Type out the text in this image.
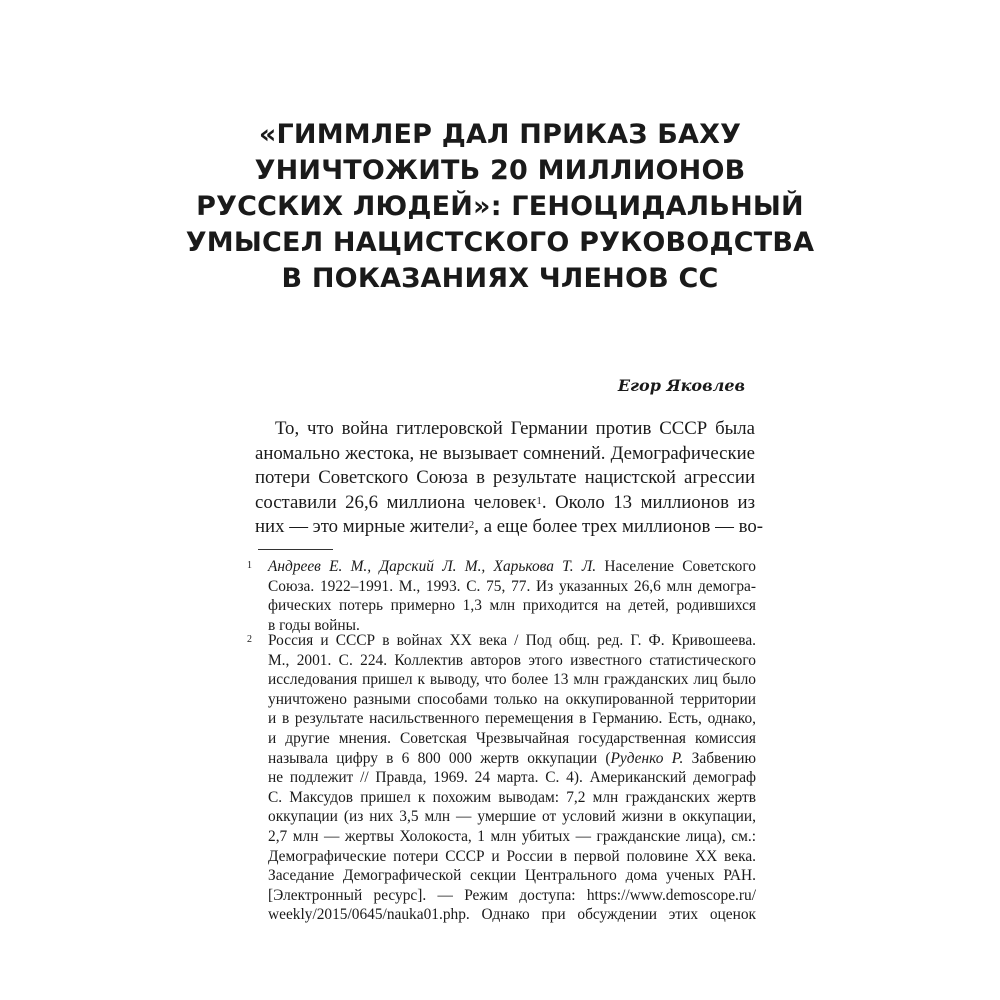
«ГИММЛЕР ДАЛ ПРИКАЗ БАХУ
УНИЧТОЖИТЬ 20 МИЛЛИОНОВ
РУССКИХ ЛЮДЕЙ»: ГЕНОЦИДАЛЬНЫЙ
УМЫСЕЛ НАЦИСТСКОГО РУКОВОДСТВА
В ПОКАЗАНИЯХ ЧЛЕНОВ СС

Егор Яковлев

То, что война гитлеровской Германии против СССР была
аномально жестока, не вызывает сомнений. Демографические
потери Советского Союза в результате нацистской агрессии
составили 26,6 миллиона человек$^1$. Около 13 миллионов из
них — это мирные жители$^2$, а еще более трех миллионов — во-
1 Андреев Е. М., Дарский Л. М., Харькова Т. Л. Население Советского
Союза. 1922–1991. М., 1993. С. 75, 77. Из указанных 26,6 млн демогра-
фических потерь примерно 1,3 млн приходится на детей, родившихся
в годы войны.
2 Россия и СССР в войнах XX века / Под общ. ред. Г. Ф. Кривошеева.
М., 2001. С. 224. Коллектив авторов этого известного статистического
исследования пришел к выводу, что более 13 млн гражданских лиц было
уничтожено разными способами только на оккупированной территории
и в результате насильственного перемещения в Германию. Есть, однако,
и другие мнения. Советская Чрезвычайная государственная комиссия
называла цифру в 6 800 000 жертв оккупации (Руденко Р. Забвению
не подлежит // Правда, 1969. 24 марта. С. 4). Американский демограф
С. Максудов пришел к похожим выводам: 7,2 млн гражданских жертв
оккупации (из них 3,5 млн — умершие от условий жизни в оккупации,
2,7 млн — жертвы Холокоста, 1 млн убитых — гражданские лица), см.:
Демографические потери СССР и России в первой половине XX века.
Заседание Демографической секции Центрального дома ученых РАН.
[Электронный ресурс]. — Режим доступа: https://www.demoscope.ru/
weekly/2015/0645/nauka01.php. Однако при обсуждении этих оценок
